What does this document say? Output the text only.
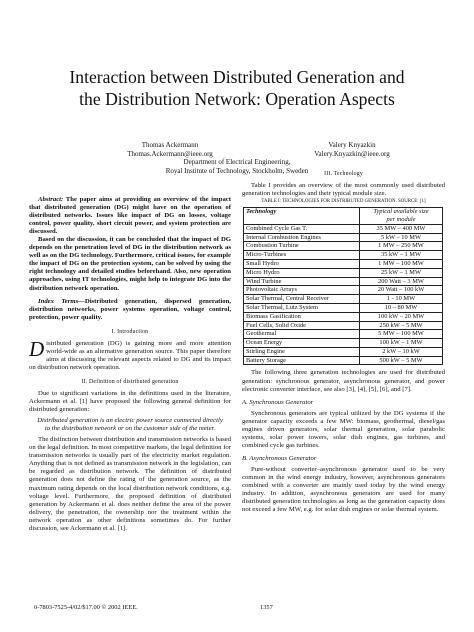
Interaction between Distributed Generation and
the Distribution Network: Operation Aspects
Thomas Ackermann
Thomas.Ackermann@ieee.org
Valery Knyazkin
Valery.Knyazkin@ieee.org
Department of Electrical Engineering,
Royal Institute of Technology, Stockholm, Sweden

Abstract: The paper aims at providing an overview of the impact that distributed generation (DG) might have on the operation of distributed networks. Issues like impact of DG on losses, voltage control, power quality, short circuit power, and system protection are discussed.

Based on the discussion, it can be concluded that the impact of DG depends on the penetration level of DG in the distribution network as well as on the DG technology. Furthermore, critical issues, for example the impact of DG on the protection system, can be solved by using the right technology and detailed studies beforehand. Also, new operation approaches, using IT technologies, might help to integrate DG into the distribution network operation.

Index Terms—Distributed generation, dispersed generation, distribution networks, power systems operation, voltage control, protection, power quality.

I. Introduction

Distributed generation (DG) is gaining more and more attention world-wide as an alternative generation source. This paper therefore aims at discussing the relevant aspects related to DG and its impact on distribution network operation.

II. Definition of distributed generation

Due to significant variations in the definitions used in the literature, Ackermann et al. [1] have proposed the following general definition for distributed generation:

Distributed generation is an electric power source connected directly to the distribution network or on the customer side of the meter.

The distinction between distribution and transmission networks is based on the legal definition. In most competitive markets, the legal definition for transmission networks is usually part of the electricity market regulation. Anything that is not defined as transmission network in the legislation, can be regarded as distribution network. The definition of distributed generation does not define the rating of the generation source, as the maximum rating depends on the local distribution network conditions, e.g. voltage level. Furthermore, the proposed definition of distributed generation by Ackermann et al. does neither define the area of the power delivery, the penetration, the ownership nor the treatment within the network operation as other definitions sometimes do. For further discussion, see Ackermann et al. [1].

III. Technology

Table I provides an overview of the most commonly used distributed generation technologies and their typical module size.

TABLE I: TECHNOLOGIES FOR DISTRIBUTED GENERATION. SOURCE: [1]

Technology	Typical available size
per module

Combined Cycle Gas T.	35 MW – 400 MW
Internal Combustion Engines	5 kW – 10 MW
Combustion Turbine	1 MW – 250 MW
Micro-Turbines	35 kW – 1 MW
Small Hydro	1 MW – 100 MW
Micro Hydro	25 kW – 1 MW
Wind Turbine	200 Watt – 3 MW
Photovoltaic Arrays	20 Watt – 100 kW
Solar Thermal, Central Receiver	1 - 10 MW
Solar Thermal, Lutz System	10 – 80 MW
Biomass Gasification	100 kW – 20 MW
Fuel Cells, Solid Oxide	250 kW – 5 MW
Geothermal	5 MW – 100 MW
Ocean Energy	100 kW – 1 MW
Stirling Engine	2 kW – 10 kW
Battery Storage	500 kW – 5 MW

The following three generation technologies are used for distributed generation: synchronous generator, asynchronous generator, and power electronic converter interface, see also [3], [4], [5], [6], and [7].

A. Synchronous Generator

Synchronous generators are typical utilized by the DG systems if the generator capacity exceeds a few MW: biomass, geothermal, diesel/gas engines driven generators, solar thermal generation, solar parabolic systems, solar power towers, solar dish engines, gas turbines, and combined cycle gas turbines.

B. Asynchronous Generator

Pure-without converter–asynchronous generator used to be very common in the wind energy industry, however, asynchronous generators combined with a converter are mainly used today by the wind energy industry. In addition, asynchronous generators are used for many distributed generation technologies as long as the generation capacity does not exceed a few MW, e.g. for solar dish engines or solar thermal system.

0-7803-7525-4/02/$17.00 © 2002 IEEE.	1357
